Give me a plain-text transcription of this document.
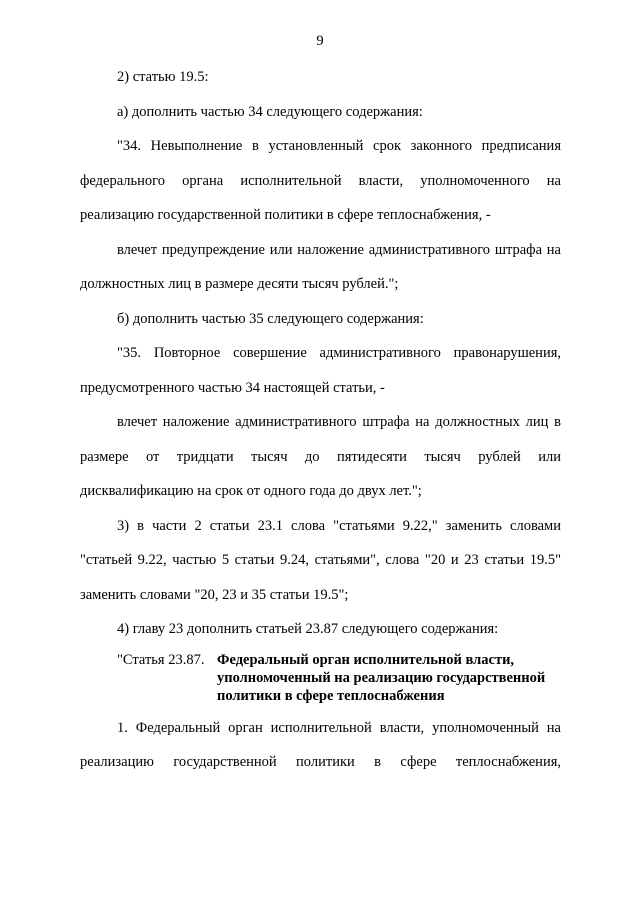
9

2) статью 19.5:

а) дополнить частью 34 следующего содержания:

"34. Невыполнение в установленный срок законного предписания федерального органа исполнительной власти, уполномоченного на реализацию государственной политики в сфере теплоснабжения, -

влечет предупреждение или наложение административного штрафа на должностных лиц в размере десяти тысяч рублей.";

б) дополнить частью 35 следующего содержания:

"35. Повторное совершение административного правонарушения, предусмотренного частью 34 настоящей статьи, -

влечет наложение административного штрафа на должностных лиц в размере от тридцати тысяч до пятидесяти тысяч рублей или дисквалификацию на срок от одного года до двух лет.";

3) в части 2 статьи 23.1 слова "статьями 9.22," заменить словами "статьей 9.22, частью 5 статьи 9.24, статьями", слова "20 и 23 статьи 19.5" заменить словами "20, 23 и 35 статьи 19.5";

4) главу 23 дополнить статьей 23.87 следующего содержания:

"Статья 23.87. Федеральный орган исполнительной власти, уполномоченный на реализацию государственной политики в сфере теплоснабжения

1. Федеральный орган исполнительной власти, уполномоченный на реализацию государственной политики в сфере теплоснабжения,
